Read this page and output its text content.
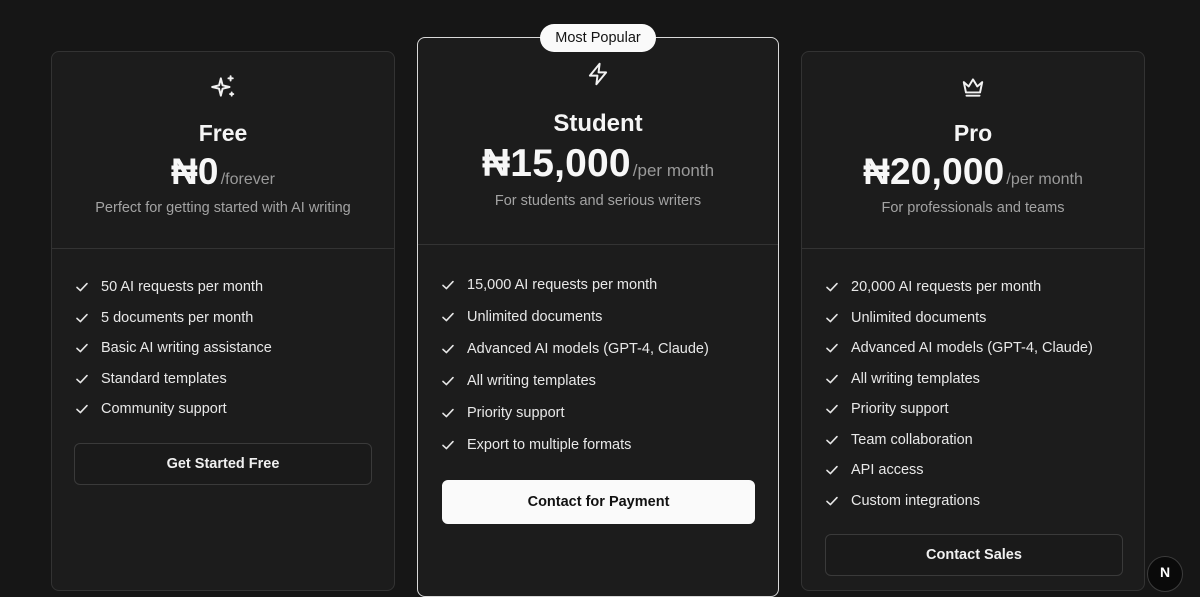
Free
₦0 /forever
Perfect for getting started with AI writing
50 AI requests per month
5 documents per month
Basic AI writing assistance
Standard templates
Community support
Get Started Free
Most Popular
Student
₦15,000 /per month
For students and serious writers
15,000 AI requests per month
Unlimited documents
Advanced AI models (GPT-4, Claude)
All writing templates
Priority support
Export to multiple formats
Contact for Payment
Pro
₦20,000 /per month
For professionals and teams
20,000 AI requests per month
Unlimited documents
Advanced AI models (GPT-4, Claude)
All writing templates
Priority support
Team collaboration
API access
Custom integrations
Contact Sales
N
